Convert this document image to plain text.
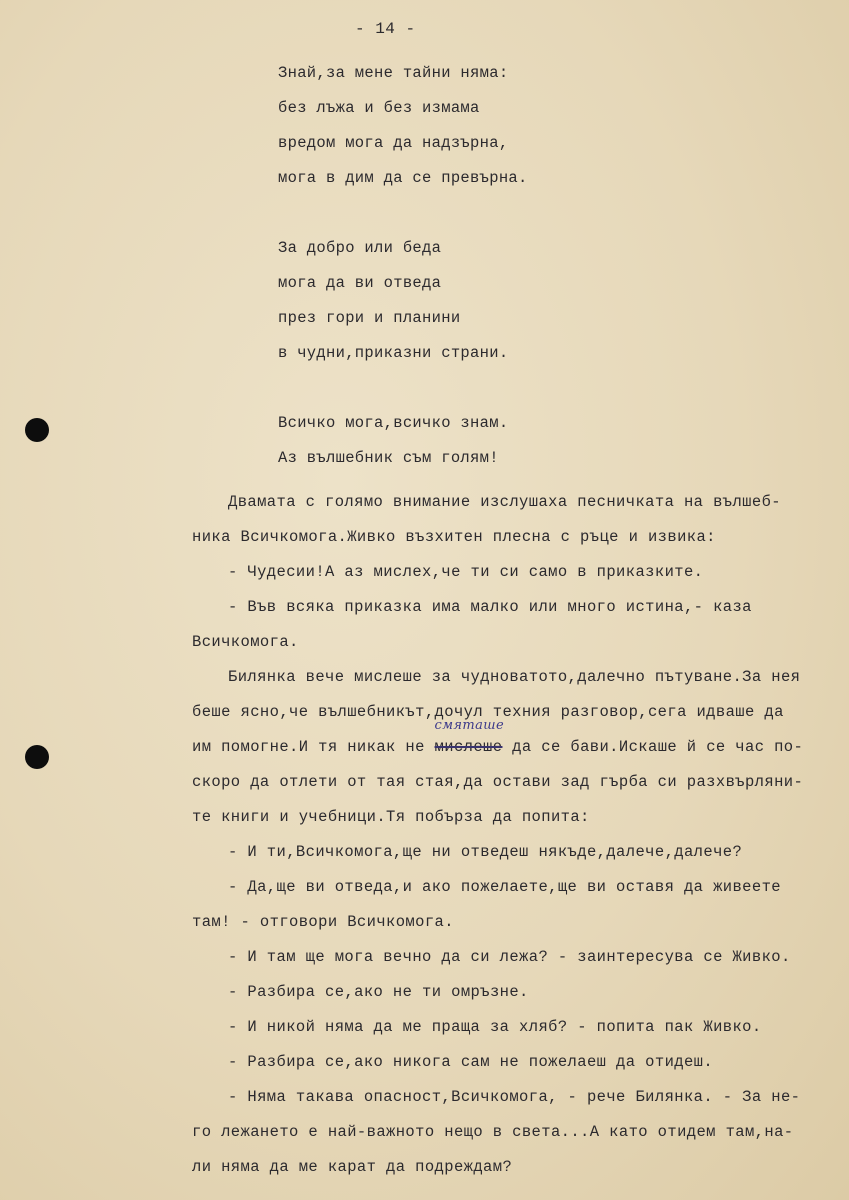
- 14 -
Знай,за мене тайни няма:
без лъжа и без измама
вредом мога да надзърна,
мога в дим да се превърна.
За добро или беда
мога да ви отведа
през гори и планини
в чудни,приказни страни.
Всичко мога,всичко знам.
Аз вълшебник съм голям!
Двамата с голямо внимание изслушаха песничката на вълшеб-
ника Всичкомога.Живко възхитен плесна с ръце и извика:
- Чудесии!А аз мислех,че ти си само в приказките.
- Във всяка приказка има малко или много истина,- каза
Всичкомога.
Билянка вече мислеше за чудноватото,далечно пътуване.За нея
беше ясно,че вълшебникът,дочул техния разговор,сега идваше да
им помогне.И тя никак не
смяташе
мислеше да се бави.Искаше й се час по-
скоро да отлети от тая стая,да остави зад гърба си разхвърляни-
те книги и учебници.Тя побърза да попита:
- И ти,Всичкомога,ще ни отведеш някъде,далече,далече?
- Да,ще ви отведа,и ако пожелаете,ще ви оставя да живеете
там! - отговори Всичкомога.
- И там ще мога вечно да си лежа? - заинтересува се Живко.
- Разбира се,ако не ти омръзне.
- И никой няма да ме праща за хляб? - попита пак Живко.
- Разбира се,ако никога сам не пожелаеш да отидеш.
- Няма такава опасност,Всичкомога, - рече Билянка. - За не-
го лежането е най-важното нещо в света...А като отидем там,на-
ли няма да ме карат да подреждам?
